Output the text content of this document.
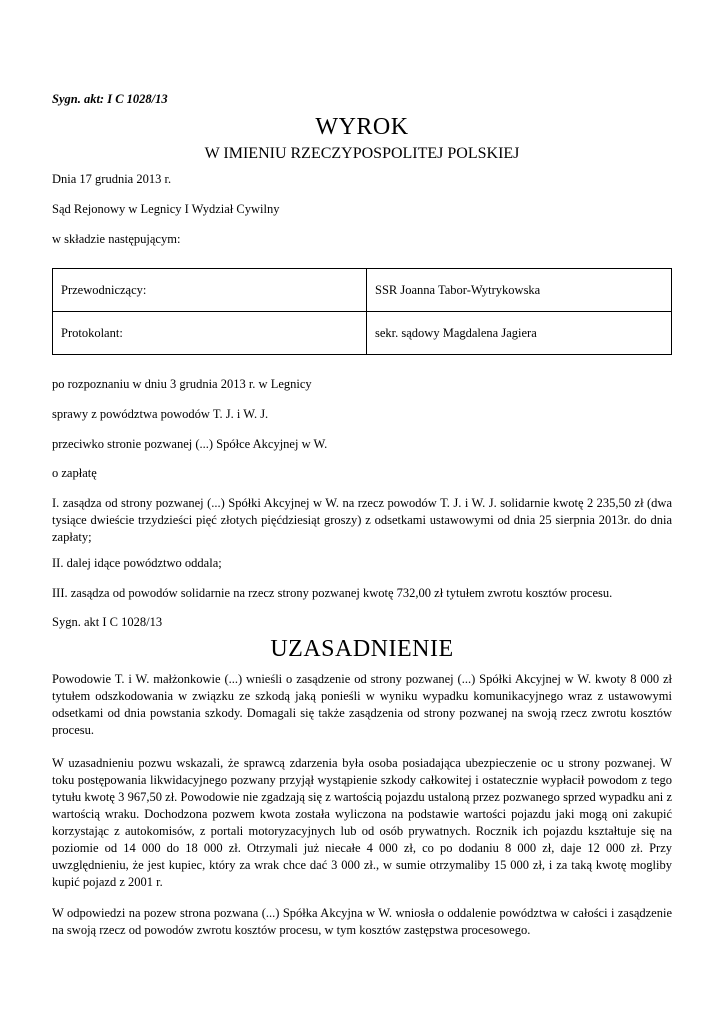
Sygn. akt: I C 1028/13
WYROK
W IMIENIU RZECZYPOSPOLITEJ POLSKIEJ
Dnia 17 grudnia 2013 r.
Sąd Rejonowy w Legnicy I Wydział Cywilny
w składzie następującym:
Przewodniczący:	SSR Joanna Tabor-Wytrykowska
Protokolant:	sekr. sądowy Magdalena Jagiera
po rozpoznaniu w dniu 3 grudnia 2013 r. w Legnicy
sprawy z powództwa powodów T. J. i W. J.
przeciwko stronie pozwanej (...) Spółce Akcyjnej w W.
o zapłatę
I. zasądza od strony pozwanej (...) Spółki Akcyjnej w W. na rzecz powodów T. J. i W. J. solidarnie kwotę 2 235,50 zł (dwa tysiące dwieście trzydzieści pięć złotych pięćdziesiąt groszy) z odsetkami ustawowymi od dnia 25 sierpnia 2013r. do dnia zapłaty;
II. dalej idące powództwo oddala;
III. zasądza od powodów solidarnie na rzecz strony pozwanej kwotę 732,00 zł tytułem zwrotu kosztów procesu.
Sygn. akt I C 1028/13
UZASADNIENIE
Powodowie T. i W. małżonkowie (...) wnieśli o zasądzenie od strony pozwanej (...) Spółki Akcyjnej w W. kwoty 8 000 zł tytułem odszkodowania w związku ze szkodą jaką ponieśli w wyniku wypadku komunikacyjnego wraz z ustawowymi odsetkami od dnia powstania szkody. Domagali się także zasądzenia od strony pozwanej na swoją rzecz zwrotu kosztów procesu.
W uzasadnieniu pozwu wskazali, że sprawcą zdarzenia była osoba posiadająca ubezpieczenie oc u strony pozwanej. W toku postępowania likwidacyjnego pozwany przyjął wystąpienie szkody całkowitej i ostatecznie wypłacił powodom z tego tytułu kwotę 3 967,50 zł. Powodowie nie zgadzają się z wartością pojazdu ustaloną przez pozwanego sprzed wypadku ani z wartością wraku. Dochodzona pozwem kwota została wyliczona na podstawie wartości pojazdu jaki mogą oni zakupić korzystając z autokomisów, z portali motoryzacyjnych lub od osób prywatnych. Rocznik ich pojazdu kształtuje się na poziomie od 14 000 do 18 000 zł. Otrzymali już niecałe 4 000 zł, co po dodaniu 8 000 zł, daje 12 000 zł. Przy uwzględnieniu, że jest kupiec, który za wrak chce dać 3 000 zł., w sumie otrzymaliby 15 000 zł, i za taką kwotę mogliby kupić pojazd z 2001 r.
W odpowiedzi na pozew strona pozwana (...) Spółka Akcyjna w W. wniosła o oddalenie powództwa w całości i zasądzenie na swoją rzecz od powodów zwrotu kosztów procesu, w tym kosztów zastępstwa procesowego.
